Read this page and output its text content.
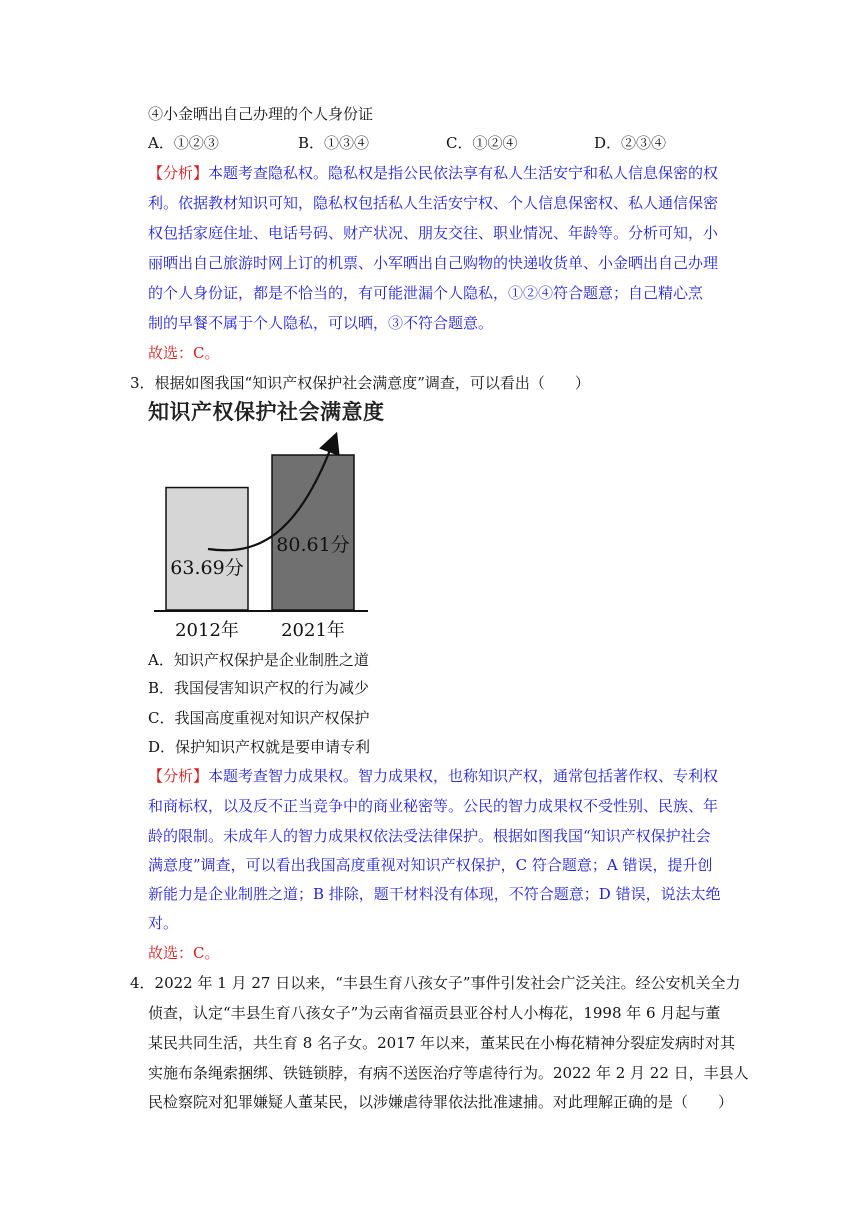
④小金晒出自己办理的个人身份证
A．①②③	B．①③④	C．①②④	D．②③④
【分析】本题考查隐私权。隐私权是指公民依法享有私人生活安宁和私人信息保密的权
利。依据教材知识可知，隐私权包括私人生活安宁权、个人信息保密权、私人通信保密
权包括家庭住址、电话号码、财产状况、朋友交往、职业情况、年龄等。分析可知，小
丽晒出自己旅游时网上订的机票、小军晒出自己购物的快递收货单、小金晒出自己办理
的个人身份证，都是不恰当的，有可能泄漏个人隐私，①②④符合题意；自己精心烹
制的早餐不属于个人隐私，可以晒，③不符合题意。
故选：C。
3．根据如图我国“知识产权保护社会满意度”调查，可以看出（　　）
知识产权保护社会满意度
63.69分
2012年
80.61分
2021年
A．知识产权保护是企业制胜之道
B．我国侵害知识产权的行为减少
C．我国高度重视对知识产权保护
D．保护知识产权就是要申请专利
【分析】本题考查智力成果权。智力成果权，也称知识产权，通常包括著作权、专利权
和商标权，以及反不正当竞争中的商业秘密等。公民的智力成果权不受性别、民族、年
龄的限制。未成年人的智力成果权依法受法律保护。根据如图我国“知识产权保护社会
满意度”调查，可以看出我国高度重视对知识产权保护，C 符合题意；A 错误，提升创
新能力是企业制胜之道；B 排除，题干材料没有体现，不符合题意；D 错误，说法太绝
对。
故选：C。
4．2022 年 1 月 27 日以来，“丰县生育八孩女子”事件引发社会广泛关注。经公安机关全力
侦查，认定“丰县生育八孩女子”为云南省福贡县亚谷村人小梅花，1998 年 6 月起与董
某民共同生活，共生育 8 名子女。2017 年以来，董某民在小梅花精神分裂症发病时对其
实施布条绳索捆绑、铁链锁脖，有病不送医治疗等虐待行为。2022 年 2 月 22 日，丰县人
民检察院对犯罪嫌疑人董某民，以涉嫌虐待罪依法批准逮捕。对此理解正确的是（　　）
